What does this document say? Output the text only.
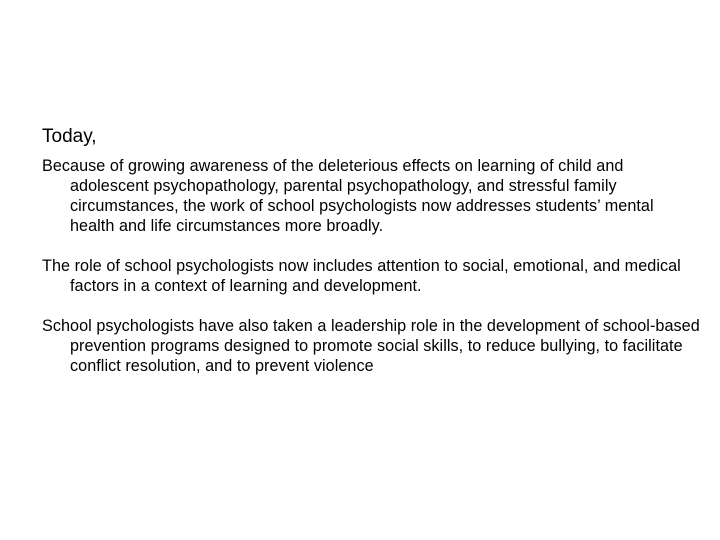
Today,

Because of growing awareness of the deleterious effects on learning of child and adolescent psychopathology, parental psychopathology, and stressful family circumstances, the work of school psychologists now addresses students’ mental health and life circumstances more broadly.

The role of school psychologists now includes attention to social, emotional, and medical factors in a context of learning and development.

School psychologists have also taken a leadership role in the development of school-based prevention programs designed to promote social skills, to reduce bullying, to facilitate conflict resolution, and to prevent violence
